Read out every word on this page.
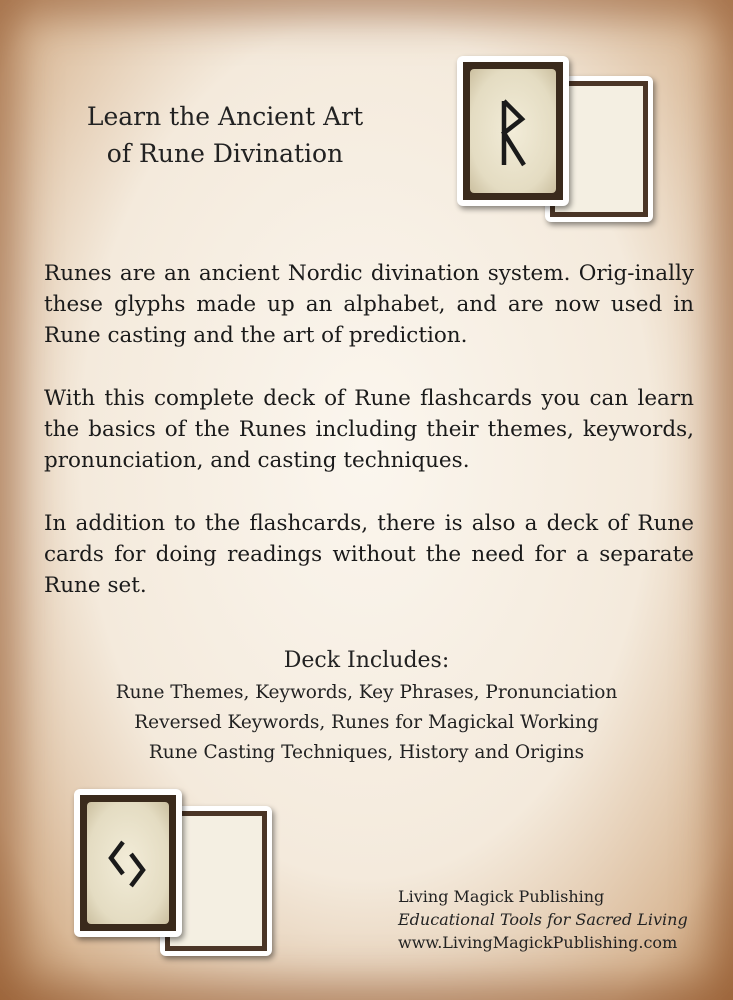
Learn the Ancient Art
of Rune Divination
Runes are an ancient Nordic divination system. Orig-inally these glyphs made up an alphabet, and are now used in Rune casting and the art of prediction.
With this complete deck of Rune flashcards you can learn the basics of the Runes including their themes, keywords, pronunciation, and casting techniques.
In addition to the flashcards, there is also a deck of Rune cards for doing readings without the need for a separate Rune set.
Deck Includes:
Rune Themes, Keywords, Key Phrases, Pronunciation
Reversed Keywords, Runes for Magickal Working
Rune Casting Techniques, History and Origins
Living Magick Publishing
Educational Tools for Sacred Living
www.LivingMagickPublishing.com
